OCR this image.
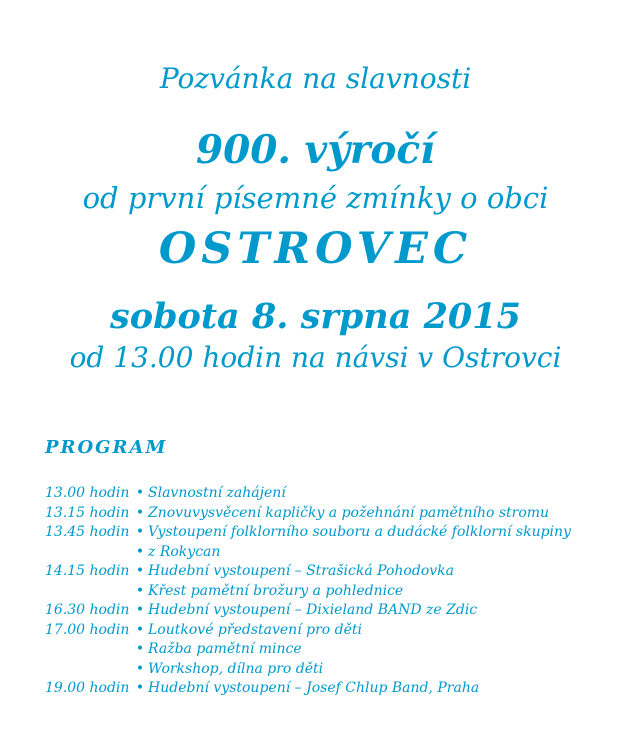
Pozvánka na slavnosti
900. výročí
od první písemné zmínky o obci
OSTROVEC
sobota 8. srpna 2015
od 13.00 hodin na návsi v Ostrovci
PROGRAM
13.00 hodin • Slavnostní zahájení
13.15 hodin • Znovuvysvěcení kapličky a požehnání pamětního stromu
13.45 hodin • Vystoupení folklorního souboru a dudácké folklorní skupiny
• z Rokycan
14.15 hodin • Hudební vystoupení – Strašická Pohodovka
• Křest pamětní brožury a pohlednice
16.30 hodin • Hudební vystoupení – Dixieland BAND ze Zdic
17.00 hodin • Loutkové představení pro děti
• Ražba pamětní mince
• Workshop, dílna pro děti
19.00 hodin • Hudební vystoupení – Josef Chlup Band, Praha
